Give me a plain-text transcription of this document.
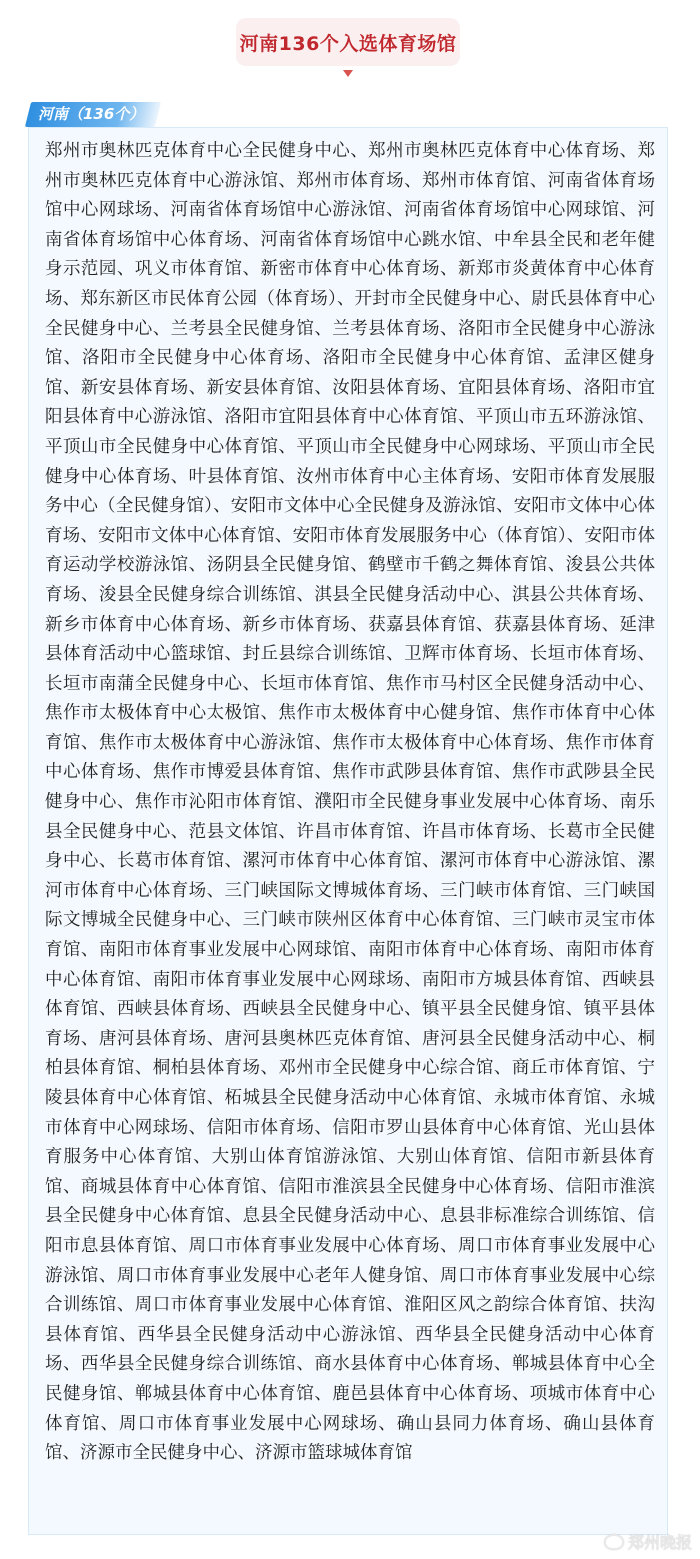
河南136个入选体育场馆
河南（136个）

郑州市奥林匹克体育中心全民健身中心、郑州市奥林匹克体育中心体育场、郑州市奥林匹克体育中心游泳馆、郑州市体育场、郑州市体育馆、河南省体育场馆中心网球场、河南省体育场馆中心游泳馆、河南省体育场馆中心网球馆、河南省体育场馆中心体育场、河南省体育场馆中心跳水馆、中牟县全民和老年健身示范园、巩义市体育馆、新密市体育中心体育场、新郑市炎黄体育中心体育场、郑东新区市民体育公园（体育场）、开封市全民健身中心、尉氏县体育中心全民健身中心、兰考县全民健身馆、兰考县体育场、洛阳市全民健身中心游泳馆、洛阳市全民健身中心体育场、洛阳市全民健身中心体育馆、孟津区健身馆、新安县体育场、新安县体育馆、汝阳县体育场、宜阳县体育场、洛阳市宜阳县体育中心游泳馆、洛阳市宜阳县体育中心体育馆、平顶山市五环游泳馆、平顶山市全民健身中心体育馆、平顶山市全民健身中心网球场、平顶山市全民健身中心体育场、叶县体育馆、汝州市体育中心主体育场、安阳市体育发展服务中心（全民健身馆）、安阳市文体中心全民健身及游泳馆、安阳市文体中心体育场、安阳市文体中心体育馆、安阳市体育发展服务中心（体育馆）、安阳市体育运动学校游泳馆、汤阴县全民健身馆、鹤壁市千鹤之舞体育馆、浚县公共体育场、浚县全民健身综合训练馆、淇县全民健身活动中心、淇县公共体育场、新乡市体育中心体育场、新乡市体育场、获嘉县体育馆、获嘉县体育场、延津县体育活动中心篮球馆、封丘县综合训练馆、卫辉市体育场、长垣市体育场、长垣市南蒲全民健身中心、长垣市体育馆、焦作市马村区全民健身活动中心、焦作市太极体育中心太极馆、焦作市太极体育中心健身馆、焦作市体育中心体育馆、焦作市太极体育中心游泳馆、焦作市太极体育中心体育场、焦作市体育中心体育场、焦作市博爱县体育馆、焦作市武陟县体育馆、焦作市武陟县全民健身中心、焦作市沁阳市体育馆、濮阳市全民健身事业发展中心体育场、南乐县全民健身中心、范县文体馆、许昌市体育馆、许昌市体育场、长葛市全民健身中心、长葛市体育馆、漯河市体育中心体育馆、漯河市体育中心游泳馆、漯河市体育中心体育场、三门峡国际文博城体育场、三门峡市体育馆、三门峡国际文博城全民健身中心、三门峡市陕州区体育中心体育馆、三门峡市灵宝市体育馆、南阳市体育事业发展中心网球馆、南阳市体育中心体育场、南阳市体育中心体育馆、南阳市体育事业发展中心网球场、南阳市方城县体育馆、西峡县体育馆、西峡县体育场、西峡县全民健身中心、镇平县全民健身馆、镇平县体育场、唐河县体育场、唐河县奥林匹克体育馆、唐河县全民健身活动中心、桐柏县体育馆、桐柏县体育场、邓州市全民健身中心综合馆、商丘市体育馆、宁陵县体育中心体育馆、柘城县全民健身活动中心体育馆、永城市体育馆、永城市体育中心网球场、信阳市体育场、信阳市罗山县体育中心体育馆、光山县体育服务中心体育馆、大别山体育馆游泳馆、大别山体育馆、信阳市新县体育馆、商城县体育中心体育馆、信阳市淮滨县全民健身中心体育场、信阳市淮滨县全民健身中心体育馆、息县全民健身活动中心、息县非标准综合训练馆、信阳市息县体育馆、周口市体育事业发展中心体育场、周口市体育事业发展中心游泳馆、周口市体育事业发展中心老年人健身馆、周口市体育事业发展中心综合训练馆、周口市体育事业发展中心体育馆、淮阳区风之韵综合体育馆、扶沟县体育馆、西华县全民健身活动中心游泳馆、西华县全民健身活动中心体育场、西华县全民健身综合训练馆、商水县体育中心体育场、郸城县体育中心全民健身馆、郸城县体育中心体育馆、鹿邑县体育中心体育场、项城市体育中心体育馆、周口市体育事业发展中心网球场、确山县同力体育场、确山县体育馆、济源市全民健身中心、济源市篮球城体育馆

郑州晚报
